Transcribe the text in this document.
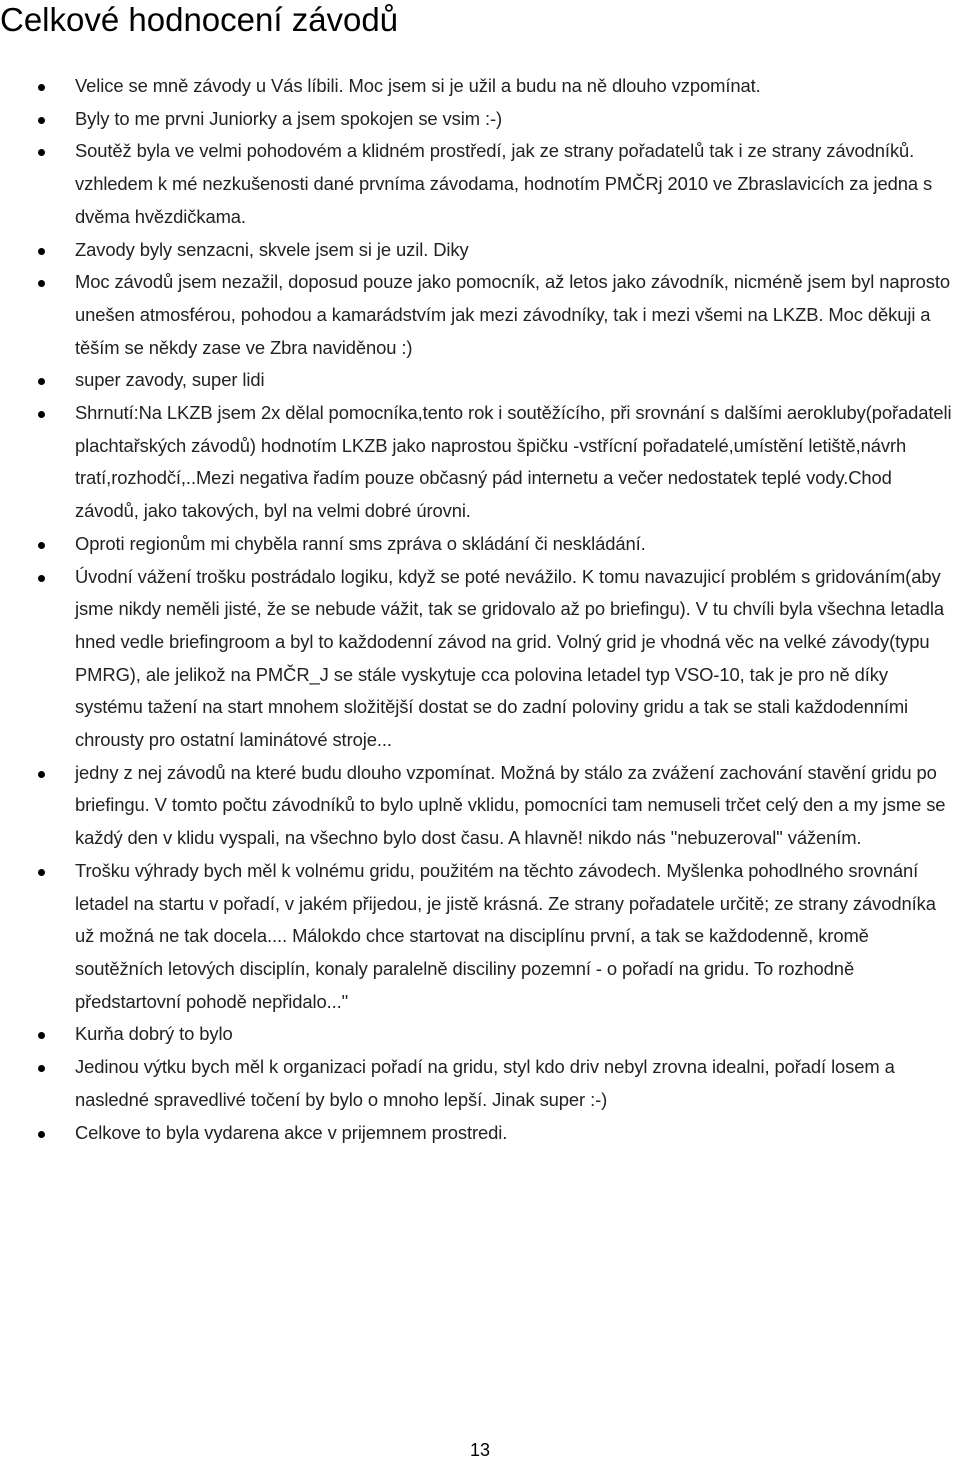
Celkové hodnocení závodů
Velice se mně závody u Vás líbili. Moc jsem si je užil a budu na ně dlouho vzpomínat.
Byly to me prvni Juniorky a jsem spokojen se vsim :-)
Soutěž byla ve velmi pohodovém a klidném prostředí, jak ze strany pořadatelů tak i ze strany závodníků. vzhledem k mé nezkušenosti dané prvníma závodama, hodnotím PMČRj 2010 ve Zbraslavicích za jedna s dvěma hvězdičkama.
Zavody byly senzacni, skvele jsem si je uzil. Diky
Moc závodů jsem nezažil, doposud pouze jako pomocník, až letos jako závodník, nicméně jsem byl naprosto unešen atmosférou, pohodou a kamarádstvím jak mezi závodníky, tak i mezi všemi na LKZB. Moc děkuji a těším se někdy zase ve Zbra naviděnou :)
super zavody, super lidi
Shrnutí:Na LKZB jsem 2x dělal pomocníka,tento rok i soutěžícího, při srovnání s dalšími aerokluby(pořadateli plachtařských závodů) hodnotím LKZB jako naprostou špičku -vstřícní pořadatelé,umístění letiště,návrh tratí,rozhodčí,..Mezi negativa řadím pouze občasný pád internetu a večer nedostatek teplé vody.Chod závodů, jako takových, byl na velmi dobré úrovni.
Oproti regionům mi chyběla ranní sms zpráva o skládání či neskládání.
Úvodní vážení trošku postrádalo logiku, když se poté nevážilo. K tomu navazujicí problém s gridováním(aby jsme nikdy neměli jisté, že se nebude vážit, tak se gridovalo až po briefingu). V tu chvíli byla všechna letadla hned vedle briefingroom a byl to každodenní závod na grid. Volný grid je vhodná věc na velké závody(typu PMRG), ale jelikož na PMČR_J se stále vyskytuje cca polovina letadel typ VSO-10, tak je pro ně díky systému tažení na start mnohem složitější dostat se do zadní poloviny gridu a tak se stali každodenními chrousty pro ostatní laminátové stroje...
jedny z nej závodů na které budu dlouho vzpomínat. Možná by stálo za zvážení zachování stavění gridu po briefingu. V tomto počtu závodníků to bylo uplně vklidu, pomocníci tam nemuseli trčet celý den a my jsme se každý den v klidu vyspali, na všechno bylo dost času. A hlavně! nikdo nás "nebuzeroval" vážením.
Trošku výhrady bych měl k volnému gridu, použitém na těchto závodech. Myšlenka pohodlného srovnání letadel na startu v pořadí, v jakém přijedou, je jistě krásná. Ze strany pořadatele určitě; ze strany závodníka už možná ne tak docela.... Málokdo chce startovat na disciplínu první, a tak se každodenně, kromě soutěžních letových disciplín, konaly paralelně disciliny pozemní - o pořadí na gridu. To rozhodně předstartovní pohodě nepřidalo..."
Kurňa dobrý to bylo
Jedinou výtku bych měl k organizaci pořadí na gridu, styl kdo driv nebyl zrovna idealni, pořadí losem a nasledné spravedlivé točení by bylo o mnoho lepší. Jinak super :-)
Celkove to byla vydarena akce v prijemnem prostredi.
13
